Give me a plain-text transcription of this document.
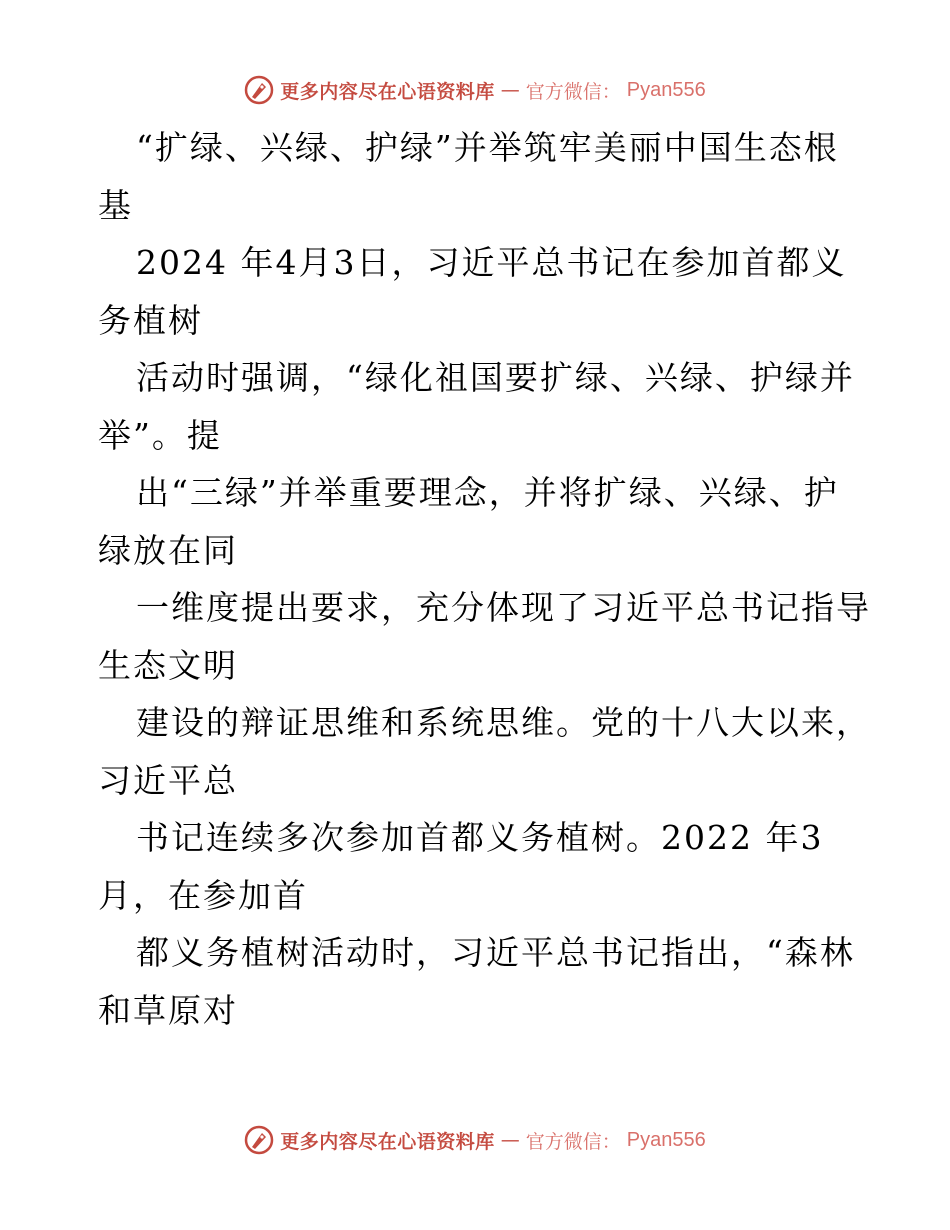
更多内容尽在心语资料库 — 官方微信： Pyan556
“扩绿、兴绿、护绿”并举筑牢美丽中国生态根
基
2024 年4月3日，习近平总书记在参加首都义
务植树
活动时强调，“绿化祖国要扩绿、兴绿、护绿并
举”。提
出“三绿”并举重要理念，并将扩绿、兴绿、护
绿放在同
一维度提出要求，充分体现了习近平总书记指导
生态文明
建设的辩证思维和系统思维。党的十八大以来，
习近平总
书记连续多次参加首都义务植树。2022 年3
月，在参加首
都义务植树活动时，习近平总书记指出，“森林
和草原对
更多内容尽在心语资料库 — 官方微信： Pyan556
